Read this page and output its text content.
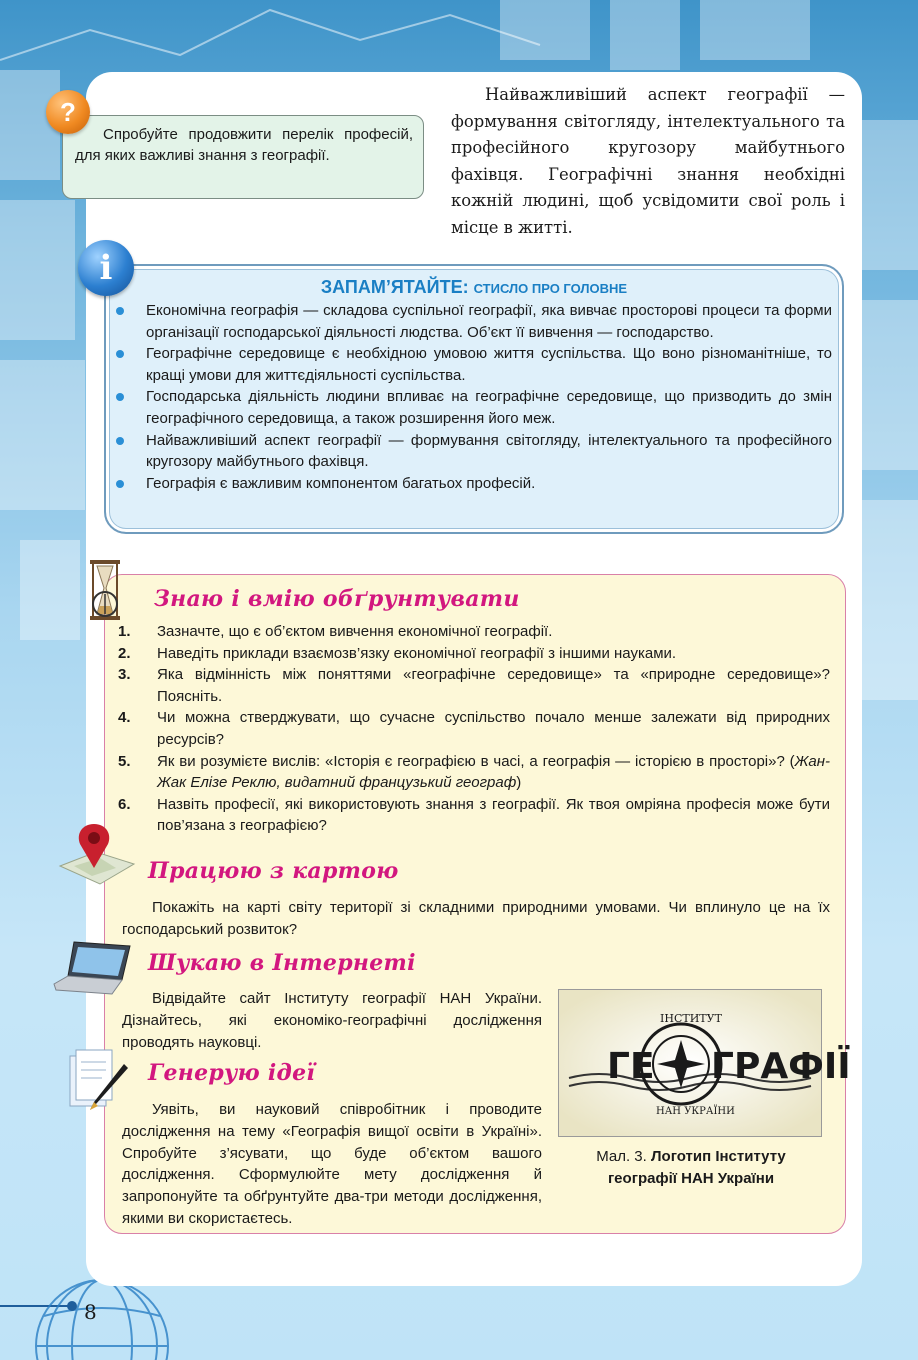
Спробуйте продовжити перелік професій, для яких важливі знання з географії.
?
Найважливіший аспект географії — формування світогляду, інтелектуального та професійного кругозору майбутнього фахівця. Географічні знання необхідні кожній людині, щоб усвідомити свої роль і місце в житті.
i	ЗАПАМ’ЯТАЙТЕ: СТИСЛО ПРО ГОЛОВНЕ
Економічна географія — складова суспільної географії, яка вивчає просторові процеси та форми організації господарської діяльності людства. Об’єкт її вивчення — господарство.
Географічне середовище є необхідною умовою життя суспільства. Що воно різноманітніше, то кращі умови для життєдіяльності суспільства.
Господарська діяльність людини впливає на географічне середовище, що призводить до змін географічного середовища, а також розширення його меж.
Найважливіший аспект географії — формування світогляду, інтелектуального та професійного кругозору майбутнього фахівця.
Географія є важливим компонентом багатьох професій.
Знаю і вмію обґрунтувати
1. Зазначте, що є об’єктом вивчення економічної географії.
2. Наведіть приклади взаємозв’язку економічної географії з іншими науками.
3. Яка відмінність між поняттями «географічне середовище» та «природне середовище»? Поясніть.
4. Чи можна стверджувати, що сучасне суспільство почало менше залежати від природних ресурсів?
5. Як ви розумієте вислів: «Історія є географією в часі, а географія — історією в просторі»? (Жан-Жак Елізе Реклю, видатний французький географ)
6. Назвіть професії, які використовують знання з географії. Як твоя омріяна професія може бути пов’язана з географією?
Працюю з картою
Покажіть на карті світу території зі складними природними умовами. Чи вплинуло це на їх господарський розвиток?
Шукаю в Інтернеті
Відвідайте сайт Інституту географії НАН України. Дізнайтесь, які економіко-географічні дослідження проводять науковці.
Генерую ідеї
Уявіть, ви науковий співробітник і проводите дослідження на тему «Географія вищої освіти в Україні». Спробуйте з’ясувати, що буде об’єктом вашого дослідження. Сформулюйте мету дослідження й запропонуйте та обґрунтуйте два-три методи дослідження, якими ви скористаєтесь.
ГЕ ГРАФІЇ
ІНСТИТУТ
НАН УКРАЇНИ
Мал. 3. Логотип Інституту географії НАН України
8
